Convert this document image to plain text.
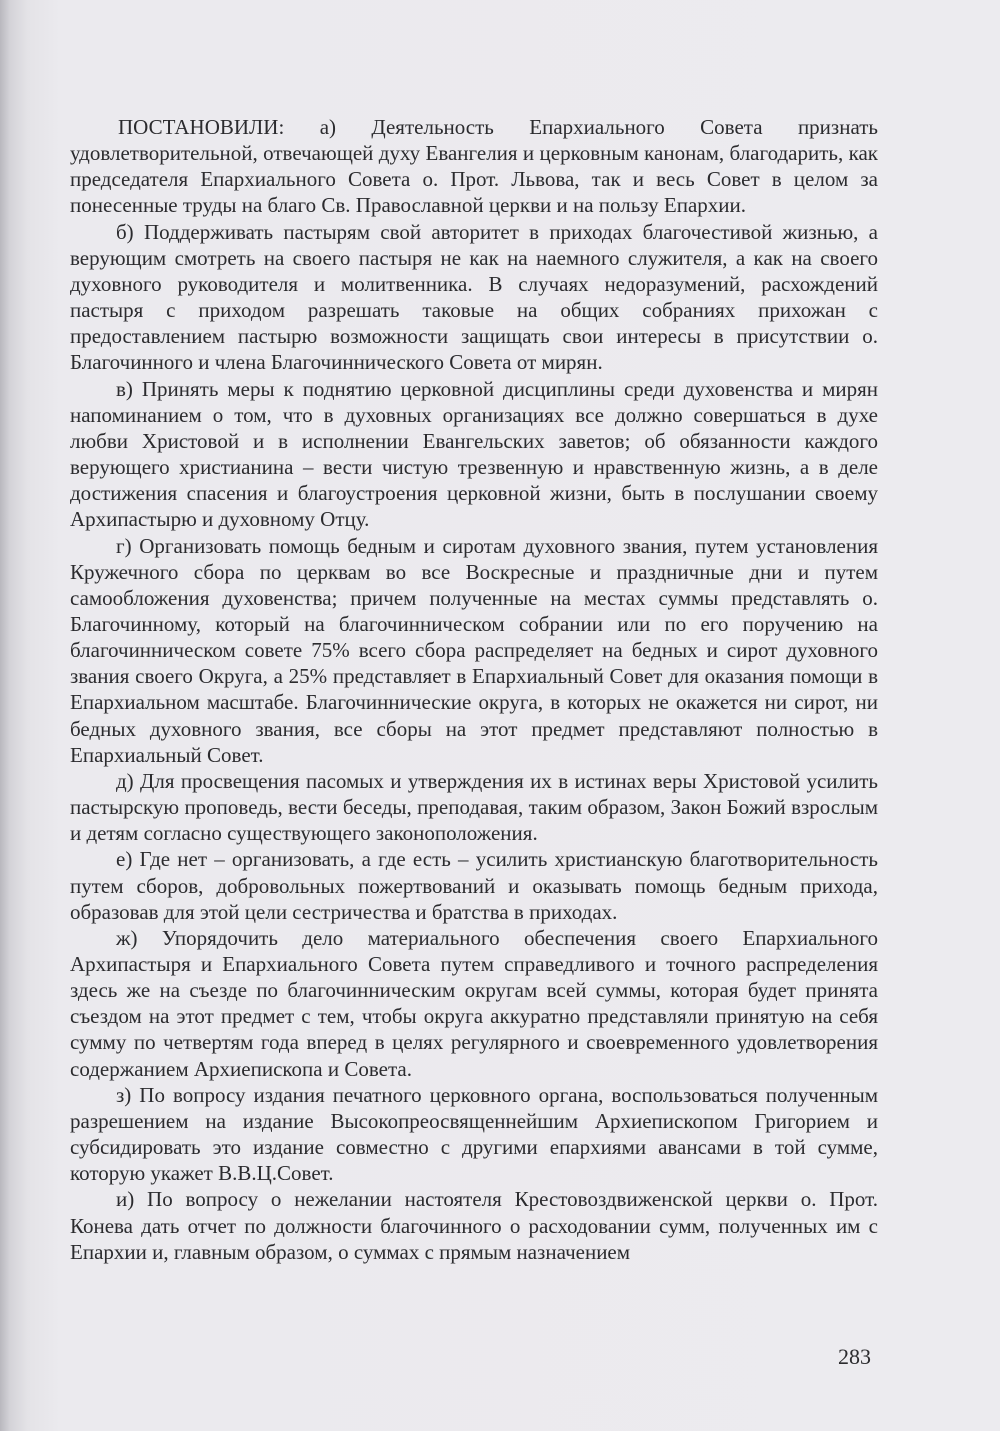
ПОСТАНОВИЛИ: а) Деятельность Епархиального Совета признать удовлетворительной, отвечающей духу Евангелия и церковным канонам, благодарить, как председателя Епархиального Совета о. Прот. Львова, так и весь Совет в целом за понесенные труды на благо Св. Православной церкви и на пользу Епархии.

б) Поддерживать пастырям свой авторитет в приходах благочестивой жизнью, а верующим смотреть на своего пастыря не как на наемного служителя, а как на своего духовного руководителя и молитвенника. В случаях недоразумений, расхождений пастыря с приходом разрешать таковые на общих собраниях прихожан с предоставлением пастырю возможности защищать свои интересы в присутствии о. Благочинного и члена Благочиннического Совета от мирян.

в) Принять меры к поднятию церковной дисциплины среди духовенства и мирян напоминанием о том, что в духовных организациях все должно совершаться в духе любви Христовой и в исполнении Евангельских заветов; об обязанности каждого верующего христианина – вести чистую трезвенную и нравственную жизнь, а в деле достижения спасения и благоустроения церковной жизни, быть в послушании своему Архипастырю и духовному Отцу.

г) Организовать помощь бедным и сиротам духовного звания, путем установления Кружечного сбора по церквам во все Воскресные и праздничные дни и путем самообложения духовенства; причем полученные на местах суммы представлять о. Благочинному, который на благочинническом собрании или по его поручению на благочинническом совете 75% всего сбора распределяет на бедных и сирот духовного звания своего Округа, а 25% представляет в Епархиальный Совет для оказания помощи в Епархиальном масштабе. Благочиннические округа, в которых не окажется ни сирот, ни бедных духовного звания, все сборы на этот предмет представляют полностью в Епархиальный Совет.

д) Для просвещения пасомых и утверждения их в истинах веры Христовой усилить пастырскую проповедь, вести беседы, преподавая, таким образом, Закон Божий взрослым и детям согласно существующего законоположения.

е) Где нет – организовать, а где есть – усилить христианскую благотворительность путем сборов, добровольных пожертвований и оказывать помощь бедным прихода, образовав для этой цели сестричества и братства в приходах.

ж) Упорядочить дело материального обеспечения своего Епархиального Архипастыря и Епархиального Совета путем справедливого и точного распределения здесь же на съезде по благочинническим округам всей суммы, которая будет принята съездом на этот предмет с тем, чтобы округа аккуратно представляли принятую на себя сумму по четвертям года вперед в целях регулярного и своевременного удовлетворения содержанием Архиепископа и Совета.

з) По вопросу издания печатного церковного органа, воспользоваться полученным разрешением на издание Высокопреосвященнейшим Архиепископом Григорием и субсидировать это издание совместно с другими епархиями авансами в той сумме, которую укажет В.В.Ц.Совет.

и) По вопросу о нежелании настоятеля Крестовоздвиженской церкви о. Прот. Конева дать отчет по должности благочинного о расходовании сумм, полученных им с Епархии и, главным образом, о суммах с прямым назначением

283
